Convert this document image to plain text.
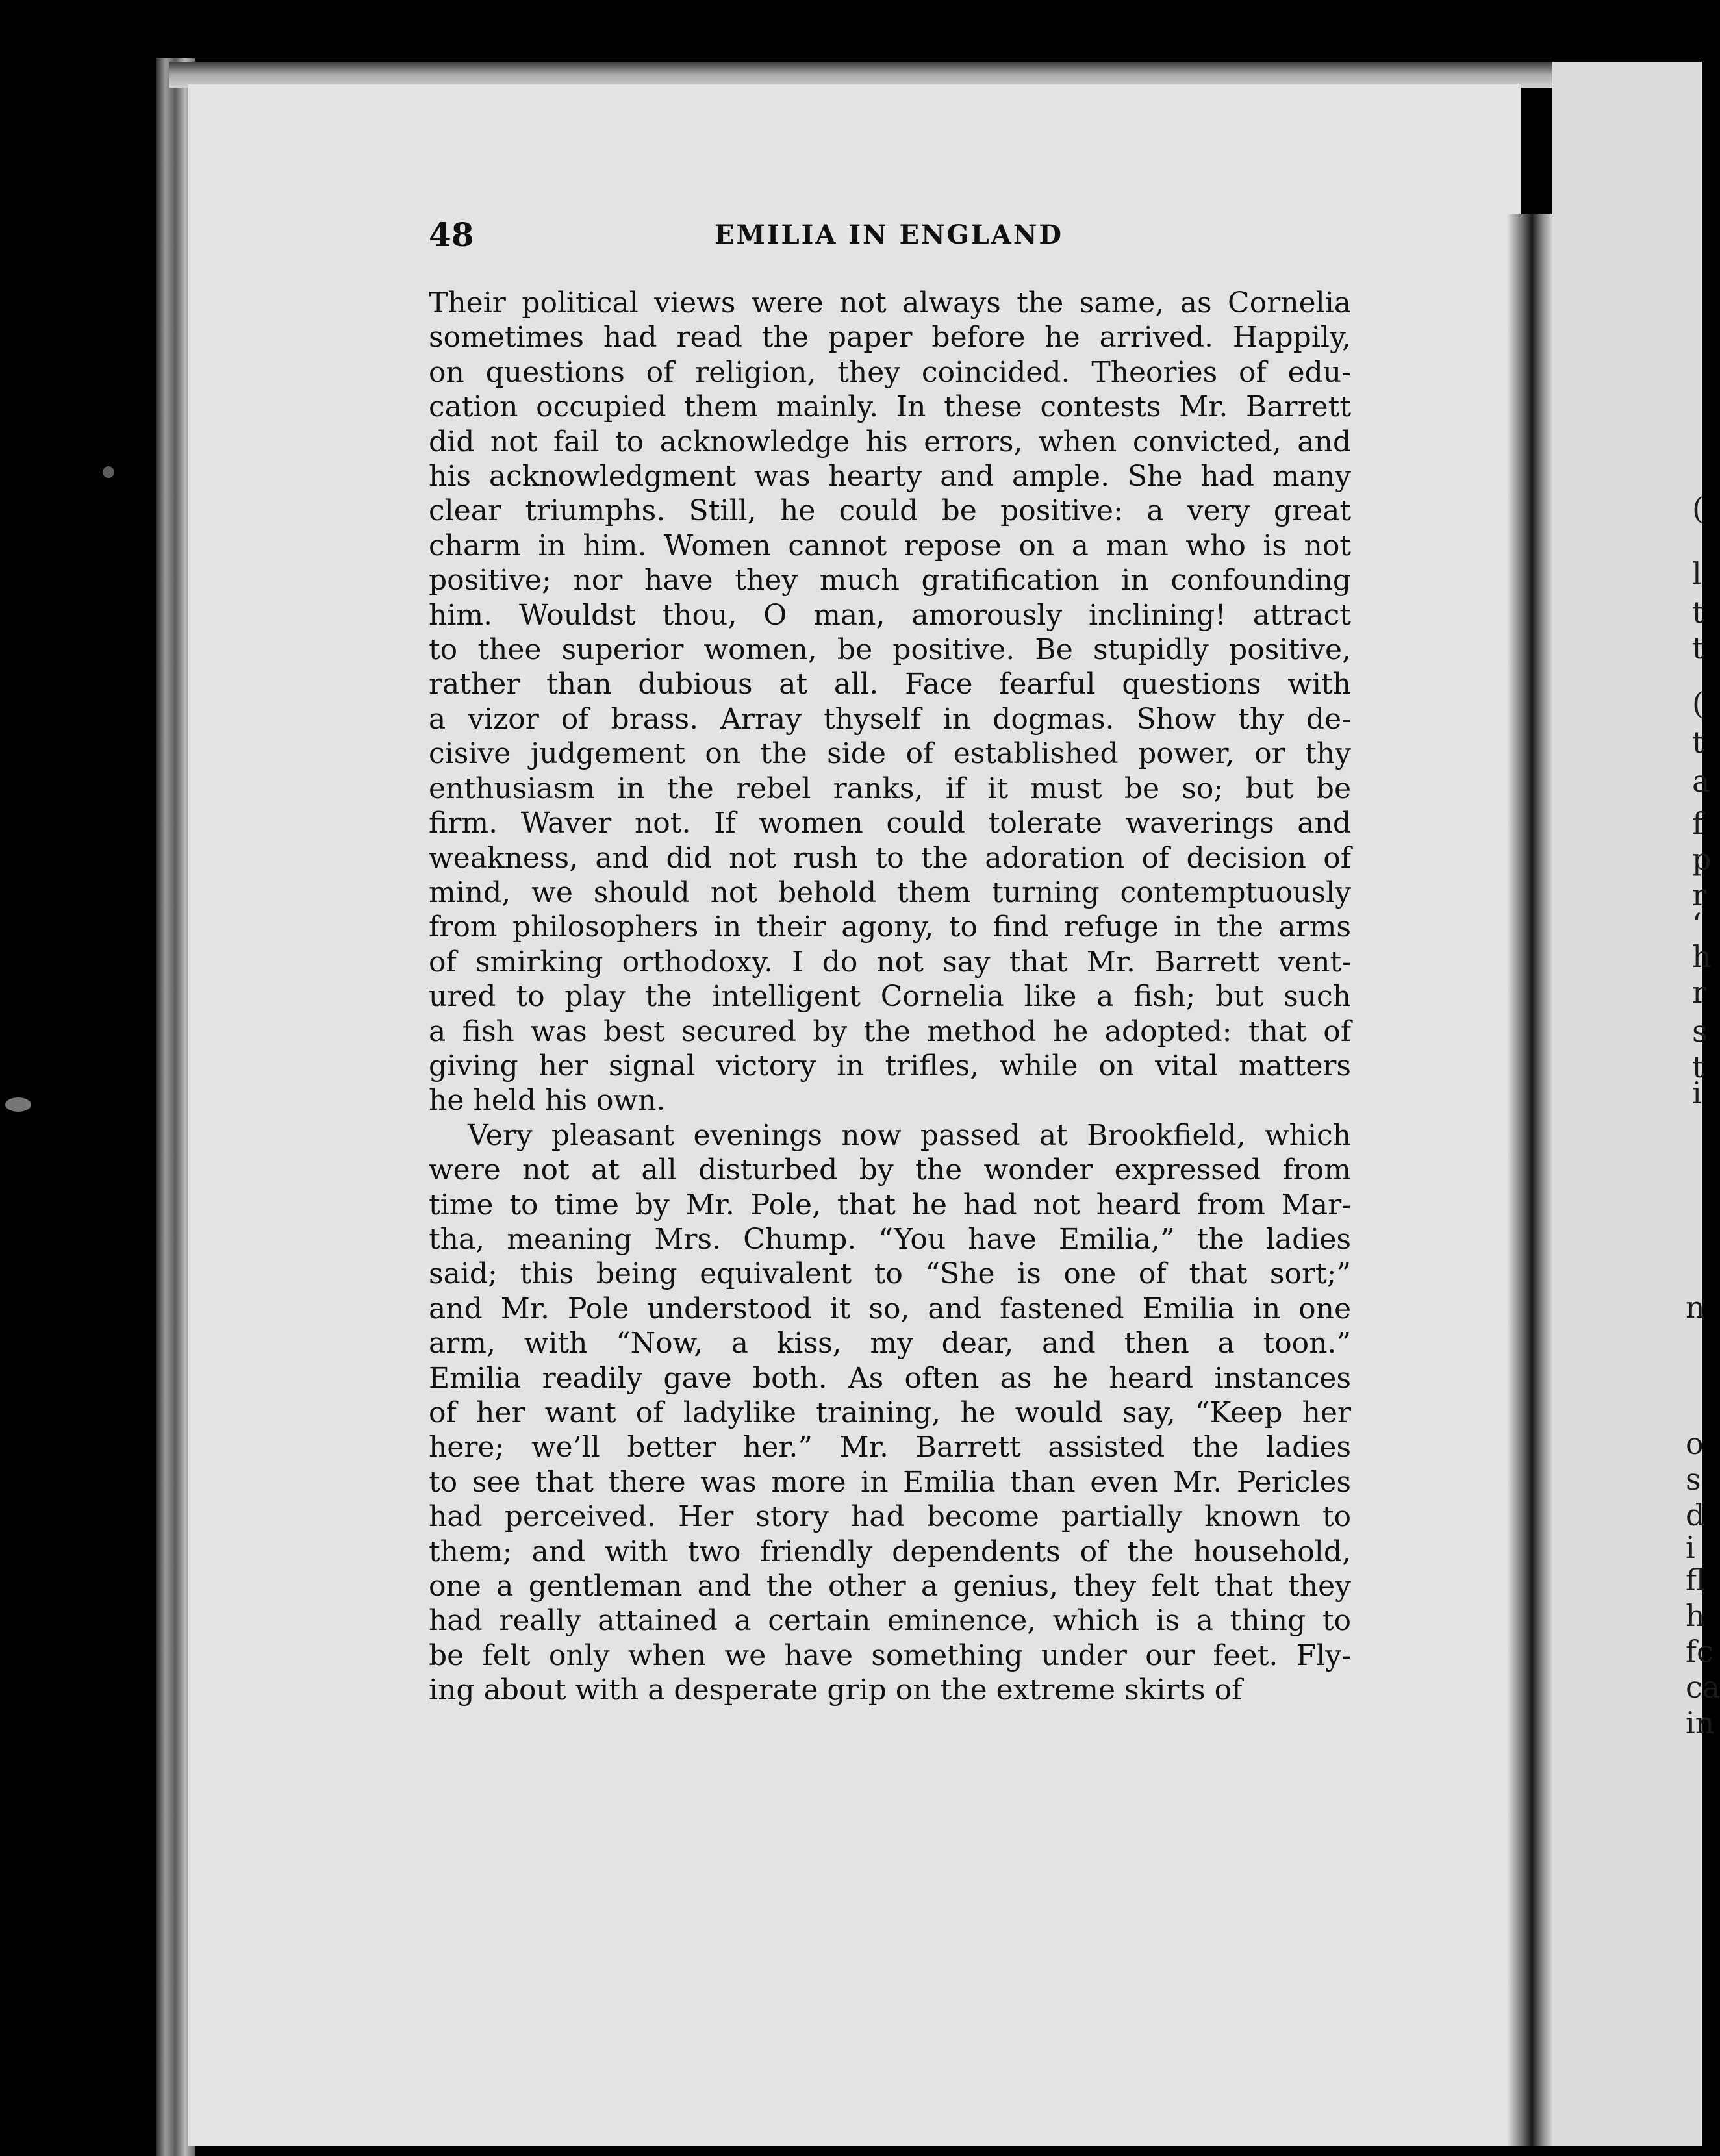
48	EMILIA IN ENGLAND
Their political views were not always the same, as Cornelia
sometimes had read the paper before he arrived. Happily,
on questions of religion, they coincided. Theories of edu-
cation occupied them mainly. In these contests Mr. Barrett
did not fail to acknowledge his errors, when convicted, and
his acknowledgment was hearty and ample. She had many
clear triumphs. Still, he could be positive: a very great
charm in him. Women cannot repose on a man who is not
positive; nor have they much gratification in confounding
him. Wouldst thou, O man, amorously inclining! attract
to thee superior women, be positive. Be stupidly positive,
rather than dubious at all. Face fearful questions with
a vizor of brass. Array thyself in dogmas. Show thy de-
cisive judgement on the side of established power, or thy
enthusiasm in the rebel ranks, if it must be so; but be
firm. Waver not. If women could tolerate waverings and
weakness, and did not rush to the adoration of decision of
mind, we should not behold them turning contemptuously
from philosophers in their agony, to find refuge in the arms
of smirking orthodoxy. I do not say that Mr. Barrett vent-
ured to play the intelligent Cornelia like a fish; but such
a fish was best secured by the method he adopted: that of
giving her signal victory in trifles, while on vital matters
he held his own.
Very pleasant evenings now passed at Brookfield, which
were not at all disturbed by the wonder expressed from
time to time by Mr. Pole, that he had not heard from Mar-
tha, meaning Mrs. Chump. “You have Emilia,” the ladies
said; this being equivalent to “She is one of that sort;”
and Mr. Pole understood it so, and fastened Emilia in one
arm, with “Now, a kiss, my dear, and then a toon.”
Emilia readily gave both. As often as he heard instances
of her want of ladylike training, he would say, “Keep her
here; we’ll better her.” Mr. Barrett assisted the ladies
to see that there was more in Emilia than even Mr. Pericles
had perceived. Her story had become partially known to
them; and with two friendly dependents of the household,
one a gentleman and the other a genius, they felt that they
had really attained a certain eminence, which is a thing to
be felt only when we have something under our feet. Fly-
ing about with a desperate grip on the extreme skirts of
(
l
t
t
(
t
a
f
p
r
‘
h
r
s
t
i
n
o
s
d
i
fl
h
fc
ca
in
